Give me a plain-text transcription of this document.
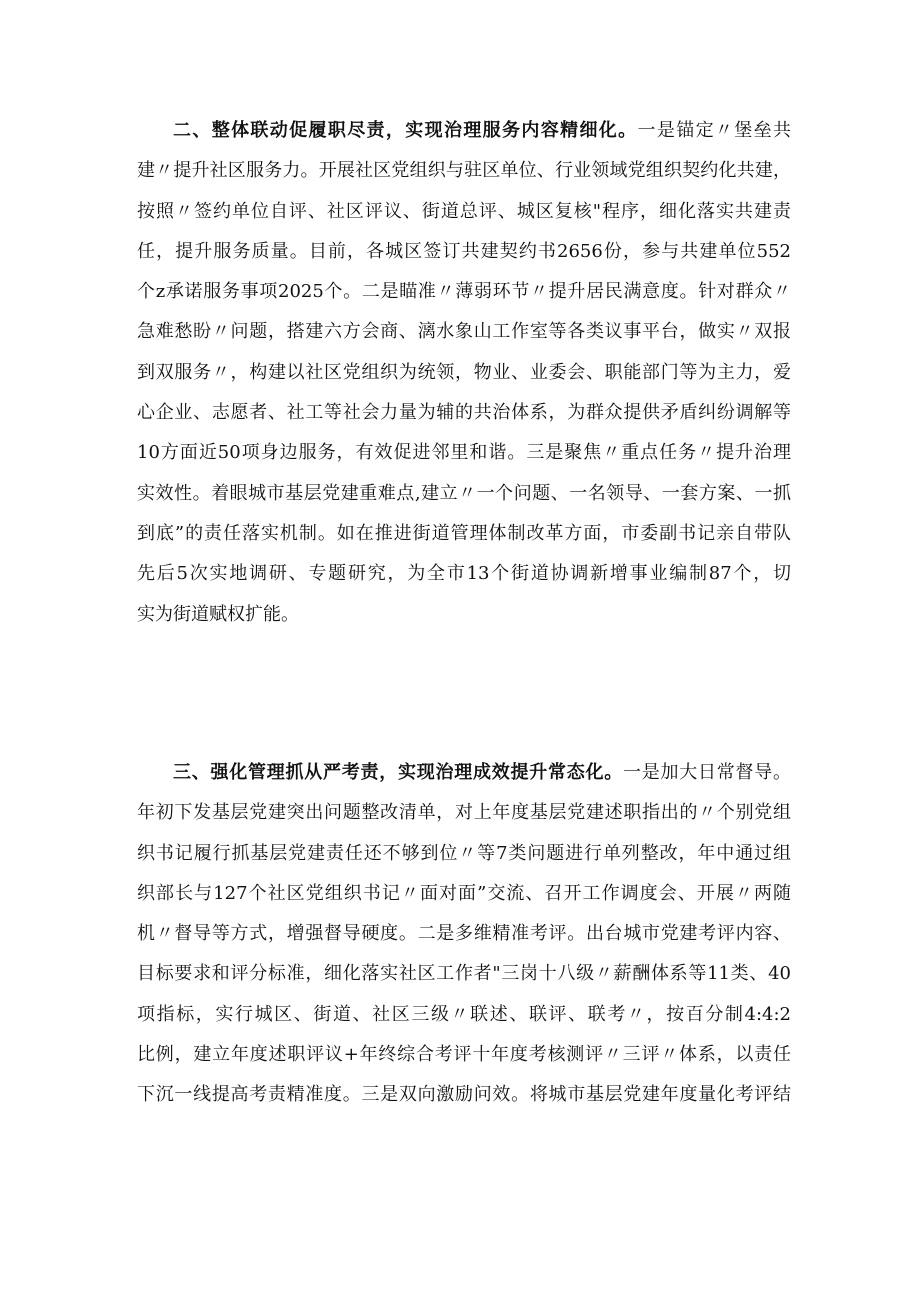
二、整体联动促履职尽责，实现治理服务内容精细化。一是锚定〃堡垒共
建〃提升社区服务力。开展社区党组织与驻区单位、行业领域党组织契约化共建，
按照〃签约单位自评、社区评议、街道总评、城区复核"程序，细化落实共建责
任，提升服务质量。目前，各城区签订共建契约书2656份，参与共建单位552
个z承诺服务事项2025个。二是瞄准〃薄弱环节〃提升居民满意度。针对群众〃
急难愁盼〃问题，搭建六方会商、漓水象山工作室等各类议事平台，做实〃双报
到双服务〃，构建以社区党组织为统领，物业、业委会、职能部门等为主力，爱
心企业、志愿者、社工等社会力量为辅的共治体系，为群众提供矛盾纠纷调解等
10方面近50项身边服务，有效促进邻里和谐。三是聚焦〃重点任务〃提升治理
实效性。着眼城市基层党建重难点,建立〃一个问题、一名领导、一套方案、一抓
到底”的责任落实机制。如在推进街道管理体制改革方面，市委副书记亲自带队
先后5次实地调研、专题研究，为全市13个街道协调新增事业编制87个，切
实为街道赋权扩能。
三、强化管理抓从严考责，实现治理成效提升常态化。一是加大日常督导。
年初下发基层党建突出问题整改清单，对上年度基层党建述职指出的〃个别党组
织书记履行抓基层党建责任还不够到位〃等7类问题进行单列整改，年中通过组
织部长与127个社区党组织书记〃面对面”交流、召开工作调度会、开展〃两随
机〃督导等方式，增强督导硬度。二是多维精准考评。出台城市党建考评内容、
目标要求和评分标准，细化落实社区工作者"三岗十八级〃薪酬体系等11类、40
项指标，实行城区、街道、社区三级〃联述、联评、联考〃，按百分制4:4:2
比例，建立年度述职评议+年终综合考评十年度考核测评〃三评〃体系，以责任
下沉一线提高考责精准度。三是双向激励问效。将城市基层党建年度量化考评结
